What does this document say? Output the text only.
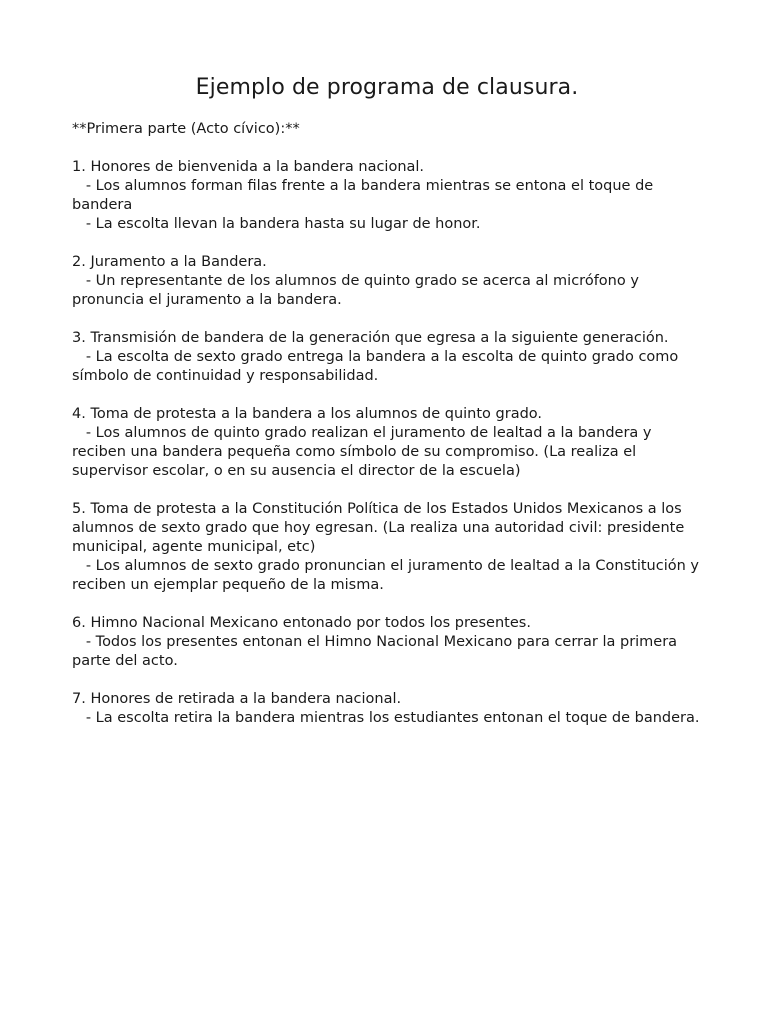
Ejemplo de programa de clausura.

**Primera parte (Acto cívico):**

1. Honores de bienvenida a la bandera nacional.

- Los alumnos forman filas frente a la bandera mientras se entona el toque de bandera

- La escolta llevan la bandera hasta su lugar de honor.

2. Juramento a la Bandera.

- Un representante de los alumnos de quinto grado se acerca al micrófono y pronuncia el juramento a la bandera.

3. Transmisión de bandera de la generación que egresa a la siguiente generación.

- La escolta de sexto grado entrega la bandera a la escolta de quinto grado como símbolo de continuidad y responsabilidad.

4. Toma de protesta a la bandera a los alumnos de quinto grado.

- Los alumnos de quinto grado realizan el juramento de lealtad a la bandera y reciben una bandera pequeña como símbolo de su compromiso. (La realiza el supervisor escolar, o en su ausencia el director de la escuela)

5. Toma de protesta a la Constitución Política de los Estados Unidos Mexicanos a los alumnos de sexto grado que hoy egresan. (La realiza una autoridad civil: presidente municipal, agente municipal, etc)

- Los alumnos de sexto grado pronuncian el juramento de lealtad a la Constitución y reciben un ejemplar pequeño de la misma.

6. Himno Nacional Mexicano entonado por todos los presentes.

- Todos los presentes entonan el Himno Nacional Mexicano para cerrar la primera parte del acto.

7. Honores de retirada a la bandera nacional.

- La escolta retira la bandera mientras los estudiantes entonan el toque de bandera.
